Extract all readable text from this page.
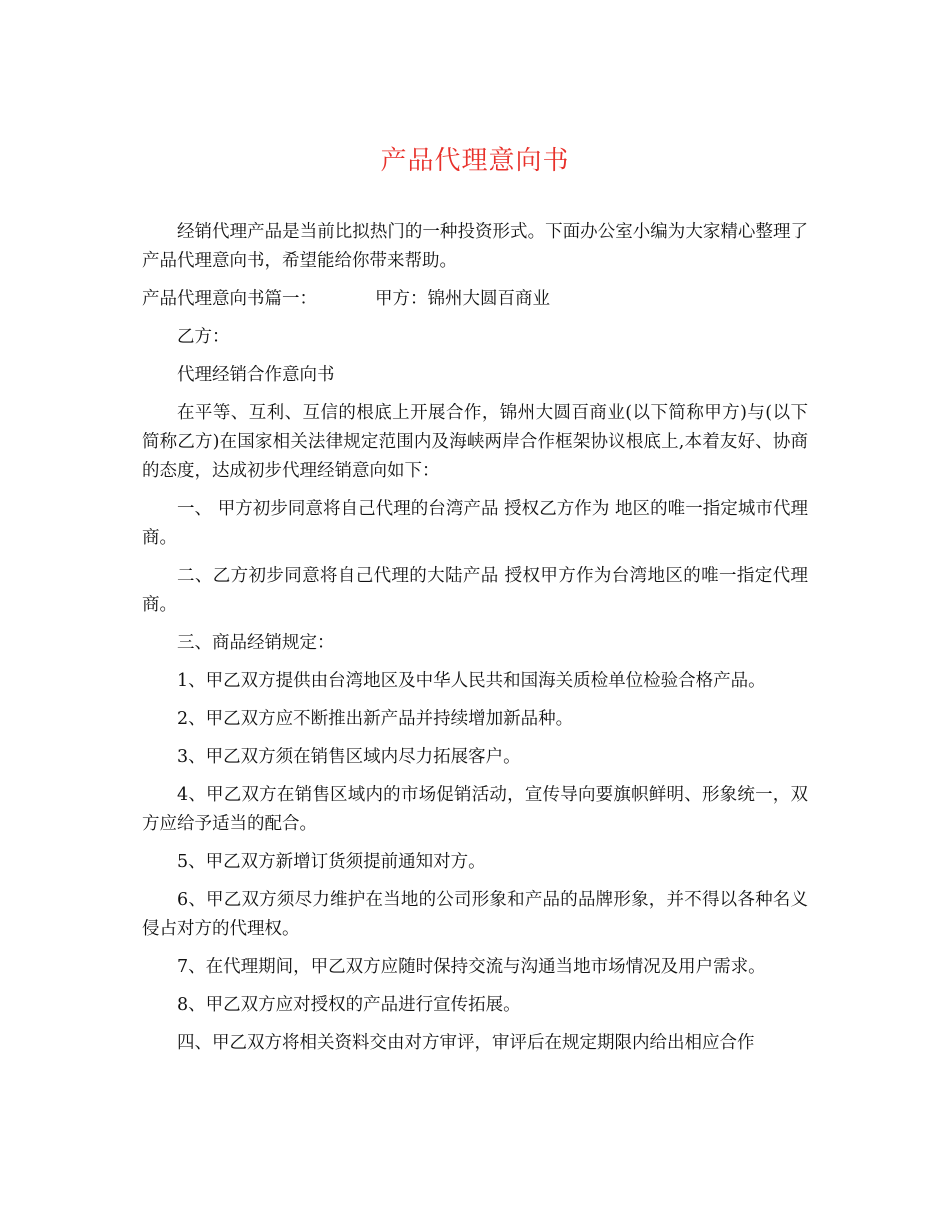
产品代理意向书

经销代理产品是当前比拟热门的一种投资形式。下面办公室小编为大家精心整理了产品代理意向书，希望能给你带来帮助。

产品代理意向书篇一：	甲方：锦州大圆百商业

乙方：

代理经销合作意向书

在平等、互利、互信的根底上开展合作，锦州大圆百商业(以下简称甲方)与(以下简称乙方)在国家相关法律规定范围内及海峡两岸合作框架协议根底上,本着友好、协商的态度，达成初步代理经销意向如下：

一、 甲方初步同意将自己代理的台湾产品 授权乙方作为 地区的唯一指定城市代理商。

二、乙方初步同意将自己代理的大陆产品 授权甲方作为台湾地区的唯一指定代理商。

三、商品经销规定：

1、甲乙双方提供由台湾地区及中华人民共和国海关质检单位检验合格产品。

2、甲乙双方应不断推出新产品并持续增加新品种。

3、甲乙双方须在销售区域内尽力拓展客户。

4、甲乙双方在销售区域内的市场促销活动，宣传导向要旗帜鲜明、形象统一，双方应给予适当的配合。

5、甲乙双方新增订货须提前通知对方。

6、甲乙双方须尽力维护在当地的公司形象和产品的品牌形象，并不得以各种名义侵占对方的代理权。

7、在代理期间，甲乙双方应随时保持交流与沟通当地市场情况及用户需求。

8、甲乙双方应对授权的产品进行宣传拓展。

四、甲乙双方将相关资料交由对方审评，审评后在规定期限内给出相应合作
